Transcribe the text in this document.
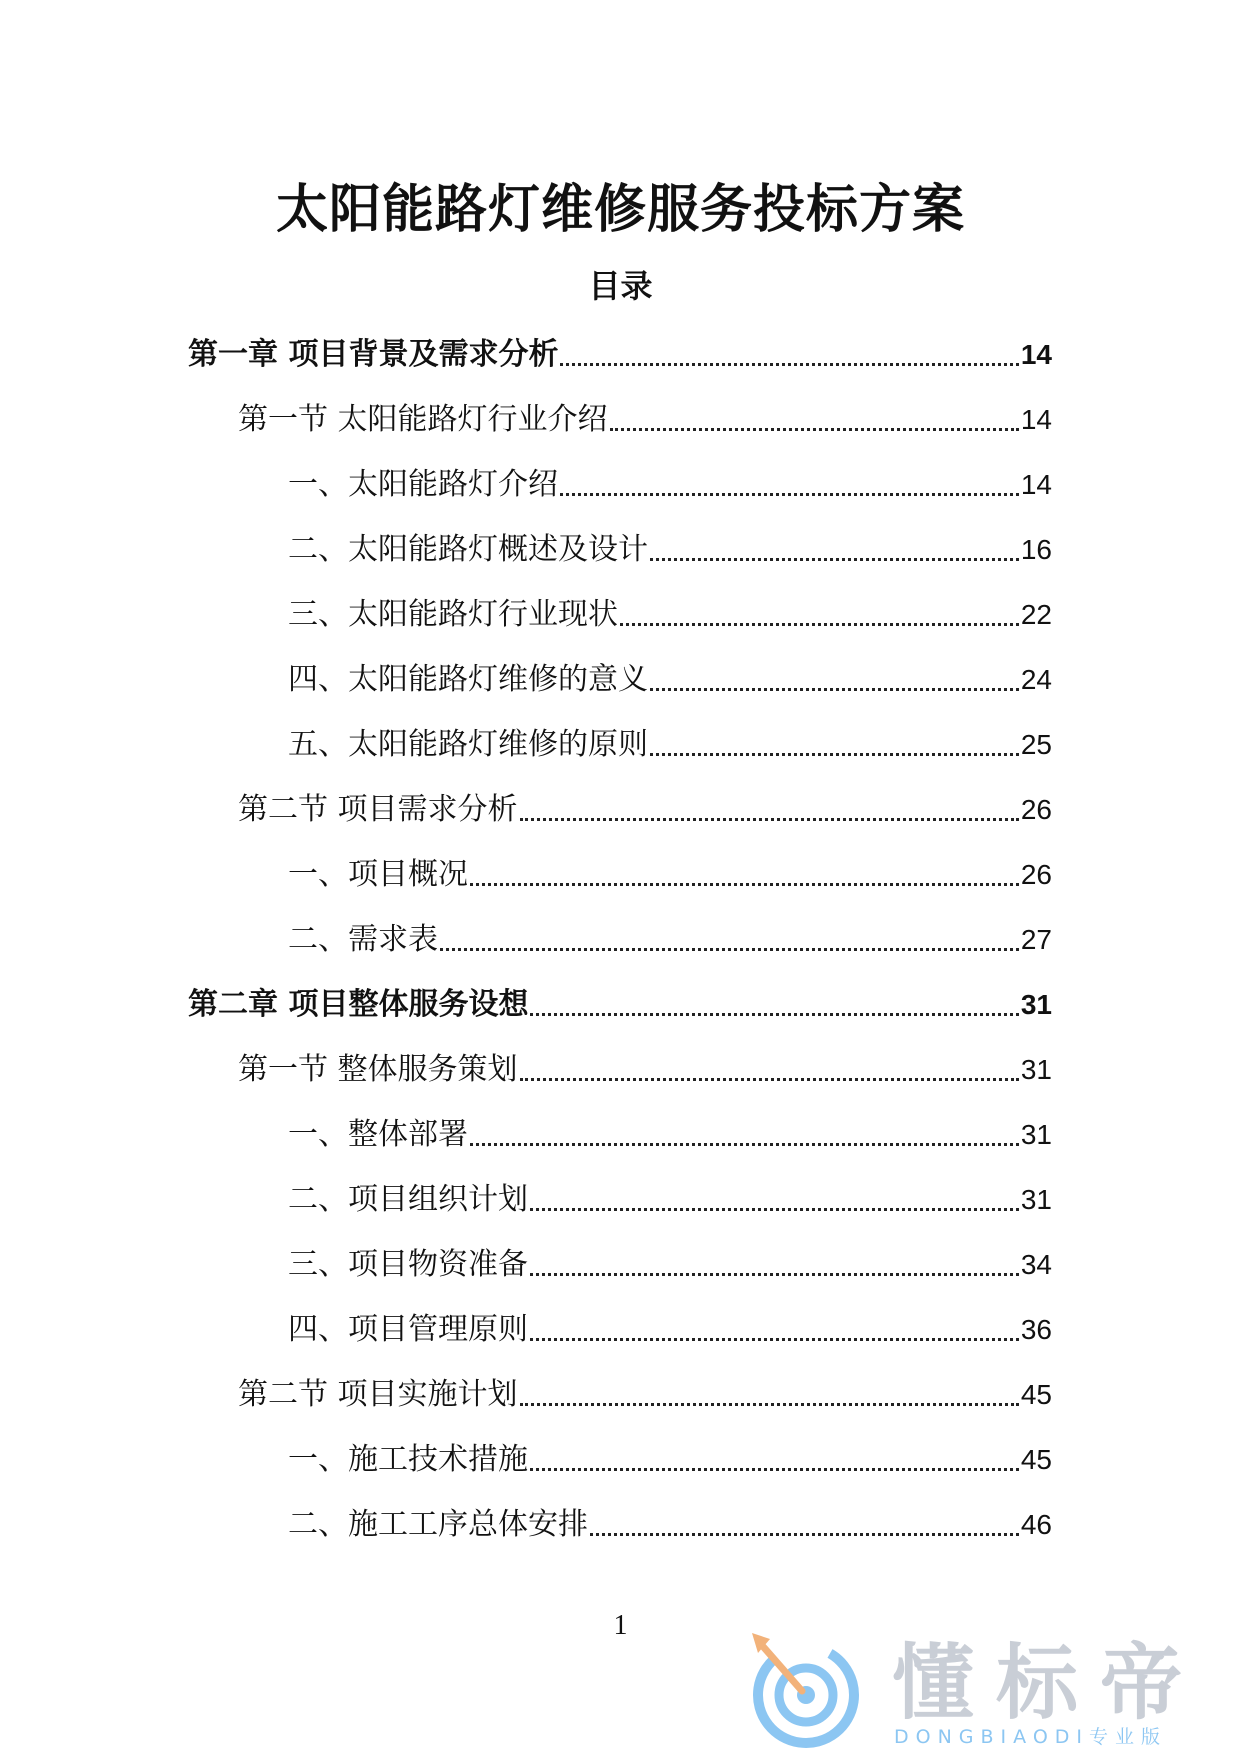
太阳能路灯维修服务投标方案
目录
第一章 项目背景及需求分析	14
第一节 太阳能路灯行业介绍	14
一、太阳能路灯介绍	14
二、太阳能路灯概述及设计	16
三、太阳能路灯行业现状	22
四、太阳能路灯维修的意义	24
五、太阳能路灯维修的原则	25
第二节 项目需求分析	26
一、项目概况	26
二、需求表	27
第二章 项目整体服务设想	31
第一节 整体服务策划	31
一、整体部署	31
二、项目组织计划	31
三、项目物资准备	34
四、项目管理原则	36
第二节 项目实施计划	45
一、施工技术措施	45
二、施工工序总体安排	46
1
懂标帝
DONGBIAODI专业版
